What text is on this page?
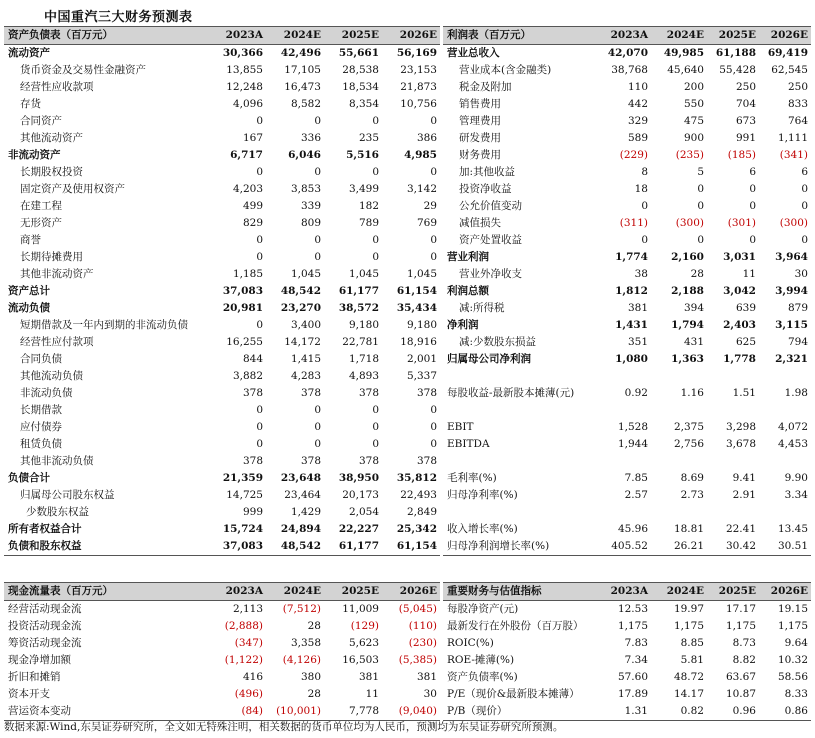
中国重汽三大财务预测表
资产负债表（百万元）	2023A	2024E	2025E	2026E
流动资产	30,366	42,496	55,661	56,169
货币资金及交易性金融资产	13,855	17,105	28,538	23,153
经营性应收款项	12,248	16,473	18,534	21,873
存货	4,096	8,582	8,354	10,756
合同资产	0	0	0	0
其他流动资产	167	336	235	386
非流动资产	6,717	6,046	5,516	4,985
长期股权投资	0	0	0	0
固定资产及使用权资产	4,203	3,853	3,499	3,142
在建工程	499	339	182	29
无形资产	829	809	789	769
商誉	0	0	0	0
长期待摊费用	0	0	0	0
其他非流动资产	1,185	1,045	1,045	1,045
资产总计	37,083	48,542	61,177	61,154
流动负债	20,981	23,270	38,572	35,434
短期借款及一年内到期的非流动负债	0	3,400	9,180	9,180
经营性应付款项	16,255	14,172	22,781	18,916
合同负债	844	1,415	1,718	2,001
其他流动负债	3,882	4,283	4,893	5,337
非流动负债	378	378	378	378
长期借款	0	0	0	0
应付债券	0	0	0	0
租赁负债	0	0	0	0
其他非流动负债	378	378	378	378
负债合计	21,359	23,648	38,950	35,812
归属母公司股东权益	14,725	23,464	20,173	22,493
少数股东权益	999	1,429	2,054	2,849
所有者权益合计	15,724	24,894	22,227	25,342
负债和股东权益	37,083	48,542	61,177	61,154
利润表（百万元）	2023A	2024E	2025E	2026E
营业总收入	42,070	49,985	61,188	69,419
营业成本(含金融类)	38,768	45,640	55,428	62,545
税金及附加	110	200	250	250
销售费用	442	550	704	833
管理费用	329	475	673	764
研发费用	589	900	991	1,111
财务费用	(229)	(235)	(185)	(341)
加:其他收益	8	5	6	6
投资净收益	18	0	0	0
公允价值变动	0	0	0	0
减值损失	(311)	(300)	(301)	(300)
资产处置收益	0	0	0	0
营业利润	1,774	2,160	3,031	3,964
营业外净收支	38	28	11	30
利润总额	1,812	2,188	3,042	3,994
减:所得税	381	394	639	879
净利润	1,431	1,794	2,403	3,115
减:少数股东损益	351	431	625	794
归属母公司净利润	1,080	1,363	1,778	2,321

每股收益-最新股本摊薄(元)	0.92	1.16	1.51	1.98

EBIT	1,528	2,375	3,298	4,072
EBITDA	1,944	2,756	3,678	4,453

毛利率(%)	7.85	8.69	9.41	9.90
归母净利率(%)	2.57	2.73	2.91	3.34

收入增长率(%)	45.96	18.81	22.41	13.45
归母净利润增长率(%)	405.52	26.21	30.42	30.51
现金流量表（百万元）	2023A	2024E	2025E	2026E
经营活动现金流	2,113	(7,512)	11,009	(5,045)
投资活动现金流	(2,888)	28	(129)	(110)
筹资活动现金流	(347)	3,358	5,623	(230)
现金净增加额	(1,122)	(4,126)	16,503	(5,385)
折旧和摊销	416	380	381	381
资本开支	(496)	28	11	30
营运资本变动	(84)	(10,001)	7,778	(9,040)
重要财务与估值指标	2023A	2024E	2025E	2026E
每股净资产(元)	12.53	19.97	17.17	19.15
最新发行在外股份（百万股）	1,175	1,175	1,175	1,175
ROIC(%)	7.83	8.85	8.73	9.64
ROE-摊薄(%)	7.34	5.81	8.82	10.32
资产负债率(%)	57.60	48.72	63.67	58.56
P/E（现价&最新股本摊薄）	17.89	14.17	10.87	8.33
P/B（现价）	1.31	0.82	0.96	0.86
数据来源:Wind,东吴证券研究所，全文如无特殊注明，相关数据的货币单位均为人民币，预测均为东吴证券研究所预测。
